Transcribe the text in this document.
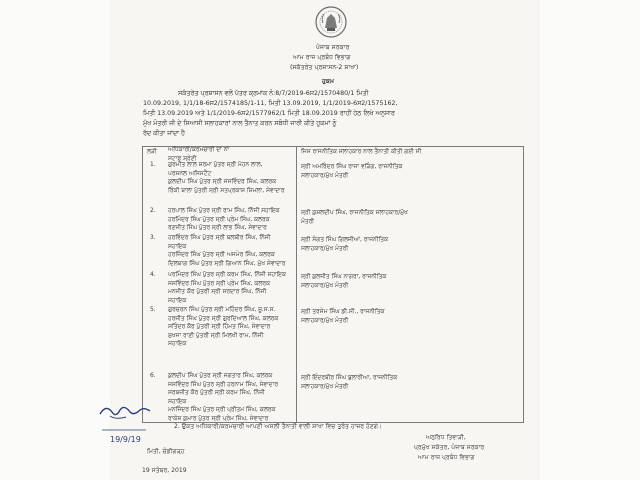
ਪੰਜਾਬ ਸਰਕਾਰ
ਆਮ ਰਾਜ ਪ੍ਰਬੰਧ ਵਿਭਾਗ
(ਸਕੱਤਰੇਤ ਪ੍ਰਸ਼ਾਸਨ-2 ਸ਼ਾਖਾ)
ਹੁਕਮ
ਸਕੱਤਰੇਤ ਪ੍ਰਸ਼ਾਸਨ ਵਲੋਂ ਪੱਤਰ ਕ੍ਰਮਾਂਕ ਨੰ:8/7/2019-6ਸ2/1570480/1 ਮਿਤੀ
10.09.2019, 1/1/18-6ਸ2/1574185/1-11, ਮਿਤੀ 13.09.2019, 1/1/2019-6ਸ2/1575162,
ਮਿਤੀ 13.09.2019 ਅਤੇ 1/1/2019-6ਸ2/1577962/1 ਮਿਤੀ 18.09.2019 ਰਾਹੀਂ ਹੇਠ ਲਿਖੇ ਅਨੁਸਾਰ
ਮੁੱਖ ਮੰਤਰੀ ਜੀ ਦੇ ਸਿਆਸੀ ਸਲਾਹਕਾਰਾਂ ਨਾਲ ਤੈਨਾਤ ਕਰਨ ਸਬੰਧੀ ਜਾਰੀ ਕੀਤੇ ਹੁਕਮਾਂ ਨੂੰ
ਰੱਦ ਕੀਤਾ ਜਾਂਦਾ ਹੈ
ਲੜੀ ਅਧਿਕਾਰੀ/ਕਰਮਚਾਰੀ ਦਾ ਨਾਂ
ਸਟਾਫ਼ ਸ਼੍ਰੇਣੀ
ਜਿਸ ਰਾਜਨੀਤਿਕ ਸਲਾਹਕਾਰ ਨਾਲ ਤੈਨਾਤੀ ਕੀਤੀ ਗਈ ਸੀ
1. ਗੁਰਮੀਤ ਲਾਲ ਸ਼ਰਮਾ ਪੁੱਤਰ ਸ੍ਰੀ ਮੋਹਨ ਲਾਲ,
ਪਰਸਨਲ ਅਸਿਸਟੈਂਟ
ਕੁਲਦੀਪ ਸਿੰਘ ਪੁੱਤਰ ਸ੍ਰੀ ਜਸਵਿੰਦਰ ਸਿੰਘ, ਕਲਰਕ
ਰਿੰਕੀ ਬਾਲਾ ਪੁੱਤਰੀ ਸ੍ਰੀ ਸਤਪ੍ਰਕਾਸ਼ ਸ਼ਿਮਲਾ, ਸੇਵਾਦਾਰ
ਸ੍ਰੀ ਅਮਰਿੰਦਰ ਸਿੰਘ ਰਾਜਾ ਵੜਿੰਗ, ਰਾਜਨੀਤਿਕ
ਸਲਾਹਕਾਰ/ਮੁੱਖ ਮੰਤਰੀ
2. ਹਰਪਾਲ ਸਿੰਘ ਪੁੱਤਰ ਸ੍ਰੀ ਰਾਮ ਸਿੰਘ, ਨਿੱਜੀ ਸਹਾਇਕ
ਹਰਮਿੰਦਰ ਸਿੰਘ ਪੁੱਤਰ ਸ੍ਰੀ ਪ੍ਰੇਮ ਸਿੰਘ, ਕਲਰਕ
ਰਣਜੀਤ ਸਿੰਘ ਪੁੱਤਰ ਸ੍ਰੀ ਲਾਭ ਸਿੰਘ, ਸੇਵਾਦਾਰ
ਸ੍ਰੀ ਕੁਸ਼ਲਦੀਪ ਸਿੰਘ, ਰਾਜਨੀਤਿਕ ਸਲਾਹਕਾਰ/ਮੁੱਖ
ਮੰਤਰੀ
3. ਹਰਵਿੰਦਰ ਸਿੰਘ ਪੁੱਤਰ ਸ੍ਰੀ ਬਲਬੀਰ ਸਿੰਘ, ਨਿੱਜੀ
ਸਹਾਇਕ
ਹਰਜਿੰਦਰ ਸਿੰਘ ਪੁੱਤਰ ਸ੍ਰੀ ਅਜਮੇਰ ਸਿੰਘ, ਕਲਰਕ
ਦਿਲਬਾਗ ਸਿੰਘ ਪੁੱਤਰ ਸ੍ਰੀ ਗਿਆਨ ਸਿੰਘ, ਮੁੱਖ ਸੇਵਾਦਾਰ
ਸ੍ਰੀ ਸੰਗਤ ਸਿੰਘ ਗਿਲਜੀਆਂ, ਰਾਜਨੀਤਿਕ
ਸਲਾਹਕਾਰ/ਮੁੱਖ ਮੰਤਰੀ
4. ਪਰਮਿੰਦਰ ਸਿੰਘ ਪੁੱਤਰ ਸ੍ਰੀ ਕਰਮ ਸਿੰਘ, ਨਿੱਜੀ ਸਹਾਇਕ
ਜਸਵਿੰਦਰ ਸਿੰਘ ਪੁੱਤਰ ਸ੍ਰੀ ਪ੍ਰੇਮ ਸਿੰਘ, ਕਲਰਕ
ਮਨਜੀਤ ਕੌਰ ਪੁੱਤਰੀ ਸ੍ਰੀ ਸਰਦਾਰ ਸਿੰਘ, ਨਿੱਜੀ
ਸਹਾਇਕ
ਸ੍ਰੀ ਕੁਲਜੀਤ ਸਿੰਘ ਨਾਗਰਾ, ਰਾਜਨੀਤਿਕ
ਸਲਾਹਕਾਰ/ਮੁੱਖ ਮੰਤਰੀ
5. ਗੁਰਚਰਨ ਸਿੰਘ ਪੁੱਤਰ ਸ੍ਰੀ ਮਹਿੰਦਰ ਸਿੰਘ, ਜੂ.ਸ.ਸ.
ਹਰਜੀਤ ਸਿੰਘ ਪੁੱਤਰ ਸ੍ਰੀ ਗੁਰਦਿਆਲ ਸਿੰਘ, ਕਲਰਕ
ਸਤਿੰਦਰ ਕੌਰ ਪੁੱਤਰੀ ਸ੍ਰੀ ਹਿੰਮਤ ਸਿੰਘ, ਸੇਵਾਦਾਰ
ਸੁਖਜਾ ਰਾਣੀ ਪੁੱਤਰੀ ਸ੍ਰੀ ਮਿਲਖੀ ਰਾਮ, ਨਿੱਜੀ
ਸਹਾਇਕ
ਸ੍ਰੀ ਤਰਸੇਮ ਸਿੰਘ ਡੀ.ਸੀ., ਰਾਜਨੀਤਿਕ
ਸਲਾਹਕਾਰ/ਮੁੱਖ ਮੰਤਰੀ
6. ਕੁਲਦੀਪ ਸਿੰਘ ਪੁੱਤਰ ਸ੍ਰੀ ਜਗਤਾਰ ਸਿੰਘ, ਕਲਰਕ
ਜਸਵਿੰਦਰ ਸਿੰਘ ਪੁੱਤਰ ਸ੍ਰੀ ਹਰਨਾਮ ਸਿੰਘ, ਸੇਵਾਦਾਰ
ਸਰਬਜੀਤ ਕੌਰ ਪੁੱਤਰੀ ਸ੍ਰੀ ਕਰਮ ਸਿੰਘ, ਨਿੱਜੀ
ਸਹਾਇਕ
ਮਨਜਿੰਦਰ ਸਿੰਘ ਪੁੱਤਰ ਸ੍ਰੀ ਪ੍ਰੀਤਮ ਸਿੰਘ, ਕਲਰਕ
ਰਾਕੇਸ਼ ਕੁਮਾਰ ਪੁੱਤਰ ਸ੍ਰੀ ਪ੍ਰੇਮ ਸਿੰਘ, ਸੇਵਾਦਾਰ
ਸ੍ਰੀ ਇੰਦਰਬੀਰ ਸਿੰਘ ਬੁਲਾਰੀਆ, ਰਾਜਨੀਤਿਕ
ਸਲਾਹਕਾਰ/ਮੁੱਖ ਮੰਤਰੀ
19/9/19
2. ਉਕਤ ਅਧਿਕਾਰੀ/ਕਰਮਚਾਰੀ ਆਪਣੀ ਅਸਲੀ ਤੈਨਾਤੀ ਵਾਲੀ ਸ਼ਾਖਾ ਵਿਚ ਤੁਰੰਤ ਹਾਜ਼ਰ ਹੋਣਗੇ।
ਅਨੁਰਿਧ ਤਿਵਾੜੀ,
ਪ੍ਰਮੁੱਖ ਸਕੱਤਰ, ਪੰਜਾਬ ਸਰਕਾਰ
ਆਮ ਰਾਜ ਪ੍ਰਬੰਧ ਵਿਭਾਗ
ਮਿਤੀ, ਚੰਡੀਗੜ੍ਹ
19 ਸਤੰਬਰ, 2019
